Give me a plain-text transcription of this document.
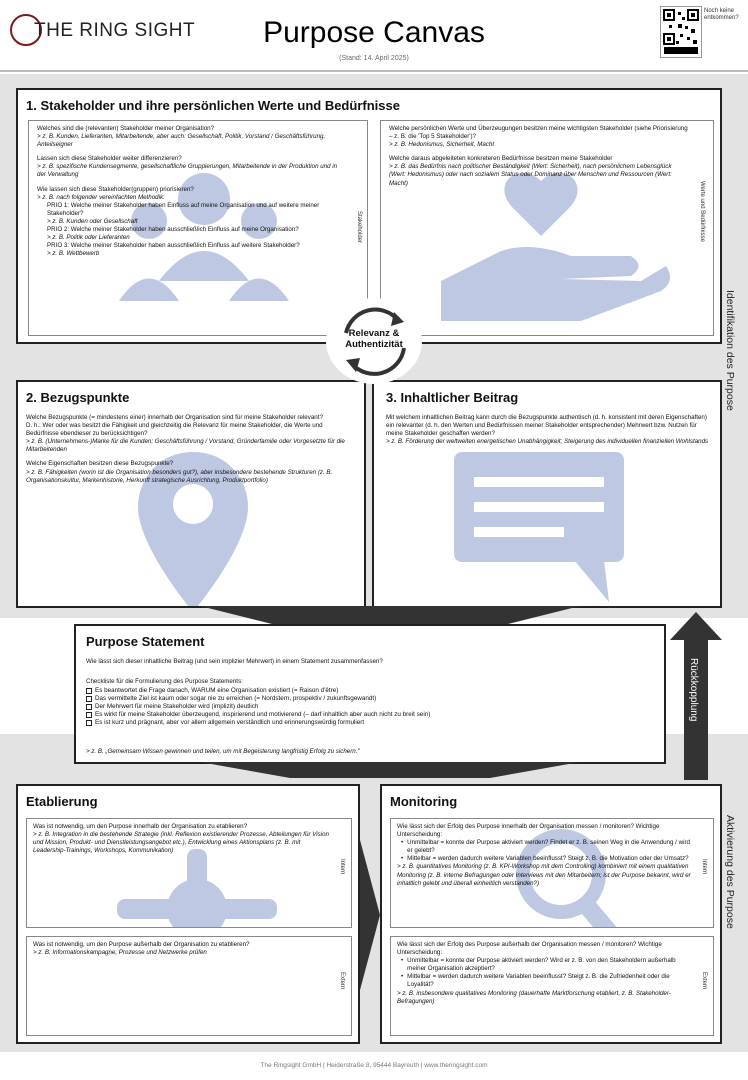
THE RING SIGHT	Purpose Canvas
(Stand: 14. April 2025)
Noch keine entkommen?
Identifikation des Purpose
Aktivierung des Purpose
1. Stakeholder und ihre persönlichen Werte und Bedürfnisse
Welches sind die (relevanten) Stakeholder meiner Organisation?
> z. B. Kunden, Lieferanten, Mitarbeitende, aber auch: Gesellschaft, Politik, Vorstand / Geschäftsführung, Anteilseigner
Lassen sich diese Stakeholder weiter differenzieren?
> z. B. spezifische Kundensegmente, gesellschaftliche Gruppierungen, Mitarbeitende in der Produktion und in der Verwaltung
Wie lassen sich diese Stakeholder(gruppen) priorisieren?
> z. B. nach folgender vereinfachten Methodik:
PRIO 1: Welche meiner Stakeholder haben Einfluss auf meine Organisation und auf weitere meiner Stakeholder?
> z. B. Kunden oder Gesellschaft
PRIO 2: Welche meiner Stakeholder haben ausschließlich Einfluss auf meine Organisation?
> z. B. Politik oder Lieferanten
PRIO 3: Welche meiner Stakeholder haben ausschließlich Einfluss auf weitere Stakeholder?
> z. B. Wettbewerb
Stakeholder
Welche persönlichen Werte und Überzeugungen besitzen meine wichtigsten Stakeholder (siehe Priorisierung – z. B. die 'Top 5 Stakeholder')?
> z. B. Hedonismus, Sicherheit, Macht
Welche daraus abgeleiteten konkreteren Bedürfnisse besitzen meine Stakeholder
> z. B. das Bedürfnis nach politischer Beständigkeit (Wert: Sicherheit), nach persönlichem Lebensglück (Wert: Hedonismus) oder nach sozialem Status oder Dominanz über Menschen und Ressourcen (Wert: Macht)	Werte und Bedürfnisse
2. Bezugspunkte
Welche Bezugspunkte (= mindestens einer) innerhalb der Organisation sind für meine Stakeholder relevant?
D. h.: Wer oder was besitzt die Fähigkeit und gleichzeitig die Relevanz für meine Stakeholder, die Werte und Bedürfnisse ebendieser zu berücksichtigen?
> z. B. (Unternehmens-)Marke für die Kunden; Geschäftsführung / Vorstand, Gründerfamilie oder Vorgesetzte für die Mitarbeitenden
Welche Eigenschaften besitzen diese Bezugspunkte?
> z. B. Fähigkeiten (worin ist die Organisation besonders gut?), aber insbesondere bestehende Strukturen (z. B. Organisationskultur, Markenhistorie, Herkunft strategische Ausrichtung, Produktportfolio)
3. Inhaltlicher Beitrag
Mit welchem inhaltlichen Beitrag kann durch die Bezugspunkte authentisch (d. h. konsistent mit deren Eigenschaften) ein relevanter (d. h. den Werten und Bedürfnissen meiner Stakeholder entsprechender) Mehrwert bzw. Nutzen für meine Stakeholder geschaffen werden?
> z. B. Förderung der weltweiten energetischen Unabhängigkeit; Steigerung des individuellen finanziellen Wohlstands
Relevanz &
Authentizität
Rückkopplung
Purpose Statement
Wie lässt sich dieser inhaltliche Beitrag (und sein implizier Mehrwert) in einem Statement zusammenfassen?
Checkliste für die Formulierung des Purpose Statements:
Es beantwortet die Frage danach, WARUM eine Organisation existiert (= Raison d'être)
Das vermittelte Ziel ist kaum oder sogar nie zu erreichen (= Nordstern, prospektiv / zukunftsgewandt)
Der Mehrwert für meine Stakeholder wird (implizit) deutlich
Es wirkt für meine Stakeholder überzeugend, inspirierend und motivierend (– darf inhaltlich aber auch nicht zu breit sein)
Es ist kurz und prägnant, aber vor allem allgemein verständlich und erinnerungswürdig formuliert
> z. B. „Gemeinsam Wissen gewinnen und teilen, um mit Begeisterung langfristig Erfolg zu sichern."
Etablierung
Was ist notwendig, um den Purpose innerhalb der Organisation zu etablieren?
> z. B. Integration in die bestehende Strategie (inkl. Reflexion existierender Prozesse, Abteilungen für Vision und Mission, Produkt- und Dienstleistungsangebot etc.), Entwicklung eines Aktionsplans (z. B. mit Leadership-Trainings, Workshops, Kommunikation)
Intern
Was ist notwendig, um den Purpose außerhalb der Organisation zu etablieren?
> z. B. Informationskampagne, Prozesse und Netzwerke prüfen
Extern
Monitoring
Wie lässt sich der Erfolg des Purpose innerhalb der Organisation messen / monitoren? Wichtige Unterscheidung:
• Unmittelbar = konnte der Purpose aktiviert werden? Findet er z. B. seinen Weg in die Anwendung / wird er gelebt?
• Mittelbar = werden dadurch weitere Variablen beeinflusst? Steigt z. B. die Motivation oder der Umsatz?
> z. B. quantitatives Monitoring (z. B. KPI-Workshop mit dem Controlling) kombiniert mit einem qualitativen Monitoring (z. B. interne Befragungen oder Interviews mit den Mitarbeitern; ist der Purpose bekannt, wird er inhaltlich gelebt und überall einheitlich verstanden?)
Intern
Wie lässt sich der Erfolg des Purpose außerhalb der Organisation messen / monitoren? Wichtige Unterscheidung:
• Unmittelbar = konnte der Purpose aktiviert werden? Wird er z. B. von den Stakeholdern außerhalb meiner Organisation akzeptiert?
• Mittelbar = werden dadurch weitere Variablen beeinflusst? Steigt z. B. die Zufriedenheit oder die Loyalität?
> z. B. insbesondere qualitatives Monitoring (dauerhafte Marktforschung etabliert, z. B. Stakeholder-Befragungen)
Extern
The Ringsight GmbH | Heiderstraße 8, 95444 Bayreuth | www.theringsight.com
